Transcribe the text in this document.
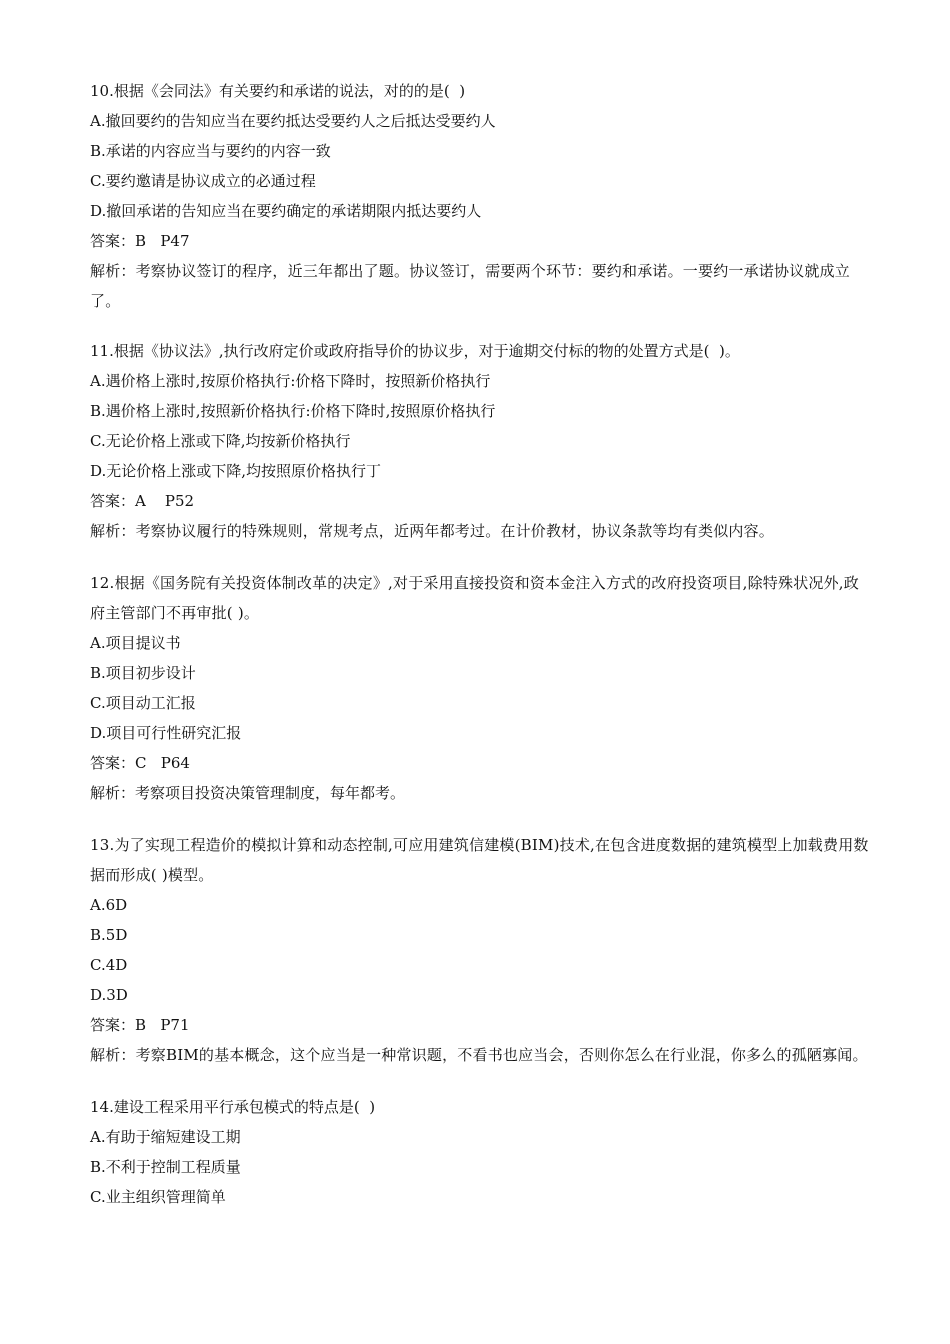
10.根据《会同法》有关要约和承诺的说法，对的的是(  )

A.撤回要约的告知应当在要约抵达受要约人之后抵达受要约人

B.承诺的内容应当与要约的内容一致

C.要约邀请是协议成立的必通过程

D.撤回承诺的告知应当在要约确定的承诺期限内抵达要约人

答案：B   P47

解析：考察协议签订的程序，近三年都出了题。协议签订，需要两个环节：要约和承诺。一要约一承诺协议就成立了。

11.根据《协议法》,执行改府定价或政府指导价的协议步，对于逾期交付标的物的处置方式是(  )。

A.遇价格上涨时,按原价格执行:价格下降时，按照新价格执行

B.遇价格上涨时,按照新价格执行:价格下降时,按照原价格执行

C.无论价格上涨或下降,均按新价格执行

D.无论价格上涨或下降,均按照原价格执行丁

答案：A    P52

解析：考察协议履行的特殊规则，常规考点，近两年都考过。在计价教材，协议条款等均有类似内容。

12.根据《国务院有关投资体制改革的决定》,对于采用直接投资和资本金注入方式的改府投资项目,除特殊状况外,政府主管部门不再审批( )。

A.项目提议书

B.项目初步设计

C.项目动工汇报

D.项目可行性研究汇报

答案：C   P64

解析：考察项目投资决策管理制度，每年都考。

13.为了实现工程造价的模拟计算和动态控制,可应用建筑信建模(BIM)技术,在包含进度数据的建筑模型上加载费用数据而形成( )模型。

A.6D

B.5D

C.4D

D.3D

答案：B   P71

解析：考察BIM的基本概念，这个应当是一种常识题，不看书也应当会，否则你怎么在行业混，你多么的孤陋寡闻。

14.建设工程采用平行承包模式的特点是(  )

A.有助于缩短建设工期

B.不利于控制工程质量

C.业主组织管理简单
